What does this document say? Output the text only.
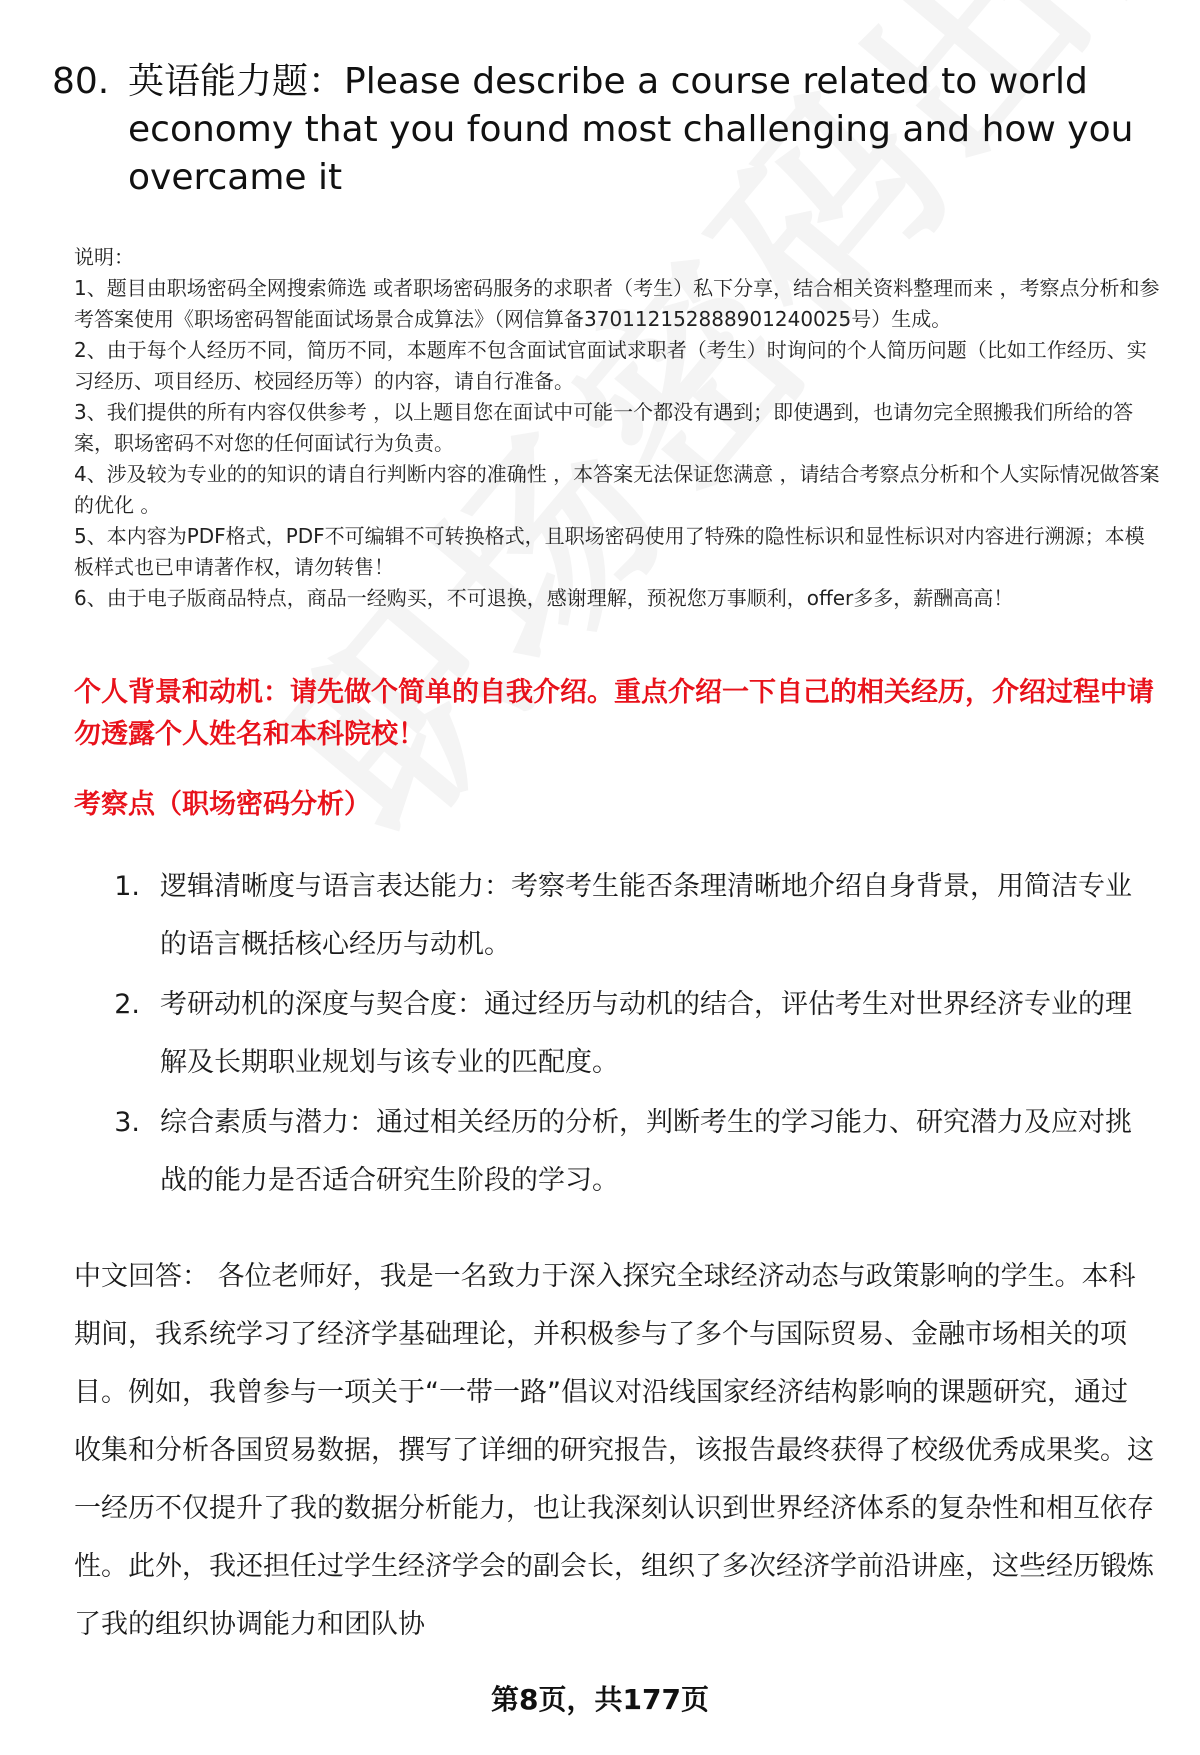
80. 英语能力题：Please describe a course related to world economy that you found most challenging and how you overcame it

说明：

1、题目由职场密码全网搜索筛选 或者职场密码服务的求职者（考生）私下分享，结合相关资料整理而来 ，考察点分析和参考答案使用《职场密码智能面试场景合成算法》（网信算备370112152888901240025号）生成。

2、由于每个人经历不同，简历不同，本题库不包含面试官面试求职者（考生）时询问的个人简历问题（比如工作经历、实习经历、项目经历、校园经历等）的内容，请自行准备。

3、我们提供的所有内容仅供参考 ，以上题目您在面试中可能一个都没有遇到；即使遇到，也请勿完全照搬我们所给的答案，职场密码不对您的任何面试行为负责。

4、涉及较为专业的的知识的请自行判断内容的准确性 ，本答案无法保证您满意 ，请结合考察点分析和个人实际情况做答案的优化 。

5、本内容为PDF格式，PDF不可编辑不可转换格式，且职场密码使用了特殊的隐性标识和显性标识对内容进行溯源；本模板样式也已申请著作权，请勿转售！

6、由于电子版商品特点，商品一经购买，不可退换，感谢理解，预祝您万事顺利，offer多多，薪酬高高！

个人背景和动机：请先做个简单的自我介绍。重点介绍一下自己的相关经历，介绍过程中请勿透露个人姓名和本科院校！
考察点（职场密码分析）
1. 逻辑清晰度与语言表达能力：考察考生能否条理清晰地介绍自身背景，用简洁专业的语言概括核心经历与动机。
2. 考研动机的深度与契合度：通过经历与动机的结合，评估考生对世界经济专业的理解及长期职业规划与该专业的匹配度。
3. 综合素质与潜力：通过相关经历的分析，判断考生的学习能力、研究潜力及应对挑战的能力是否适合研究生阶段的学习。

中文回答： 各位老师好，我是一名致力于深入探究全球经济动态与政策影响的学生。本科期间，我系统学习了经济学基础理论，并积极参与了多个与国际贸易、金融市场相关的项目。例如，我曾参与一项关于“一带一路”倡议对沿线国家经济结构影响的课题研究，通过收集和分析各国贸易数据，撰写了详细的研究报告，该报告最终获得了校级优秀成果奖。这一经历不仅提升了我的数据分析能力，也让我深刻认识到世界经济体系的复杂性和相互依存性。此外，我还担任过学生经济学会的副会长，组织了多次经济学前沿讲座，这些经历锻炼了我的组织协调能力和团队协

第8页，共177页
